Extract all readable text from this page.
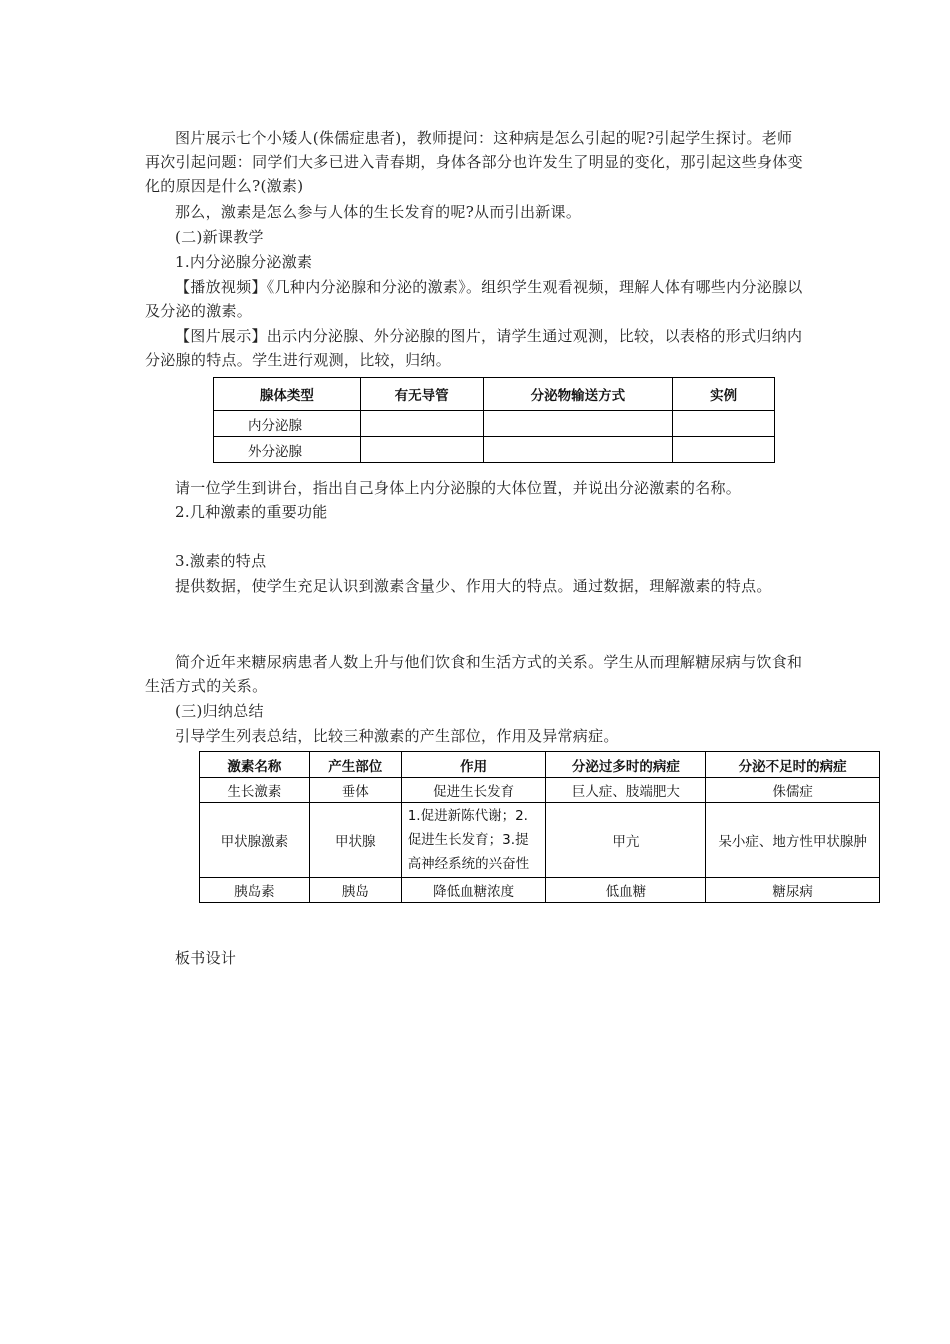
图片展示七个小矮人(侏儒症患者)，教师提问：这种病是怎么引起的呢?引起学生探讨。老师再次引起问题：同学们大多已进入青春期，身体各部分也许发生了明显的变化，那引起这些身体变化的原因是什么?(激素)

那么，激素是怎么参与人体的生长发育的呢?从而引出新课。

(二)新课教学

1.内分泌腺分泌激素

【播放视频】《几种内分泌腺和分泌的激素》。组织学生观看视频，理解人体有哪些内分泌腺以及分泌的激素。

【图片展示】出示内分泌腺、外分泌腺的图片，请学生通过观测，比较，以表格的形式归纳内分泌腺的特点。学生进行观测，比较，归纳。

腺体类型	有无导管	分泌物输送方式	实例
内分泌腺			
外分泌腺			

请一位学生到讲台，指出自己身体上内分泌腺的大体位置，并说出分泌激素的名称。

2.几种激素的重要功能

3.激素的特点

提供数据，使学生充足认识到激素含量少、作用大的特点。通过数据，理解激素的特点。

简介近年来糖尿病患者人数上升与他们饮食和生活方式的关系。学生从而理解糖尿病与饮食和生活方式的关系。

(三)归纳总结

引导学生列表总结，比较三种激素的产生部位，作用及异常病症。

激素名称	产生部位	作用	分泌过多时的病症	分泌不足时的病症
生长激素	垂体	促进生长发育	巨人症、肢端肥大	侏儒症
甲状腺激素	甲状腺	1.促进新陈代谢；2.促进生长发育；3.提高神经系统的兴奋性	甲亢	呆小症、地方性甲状腺肿
胰岛素	胰岛	降低血糖浓度	低血糖	糖尿病

板书设计
